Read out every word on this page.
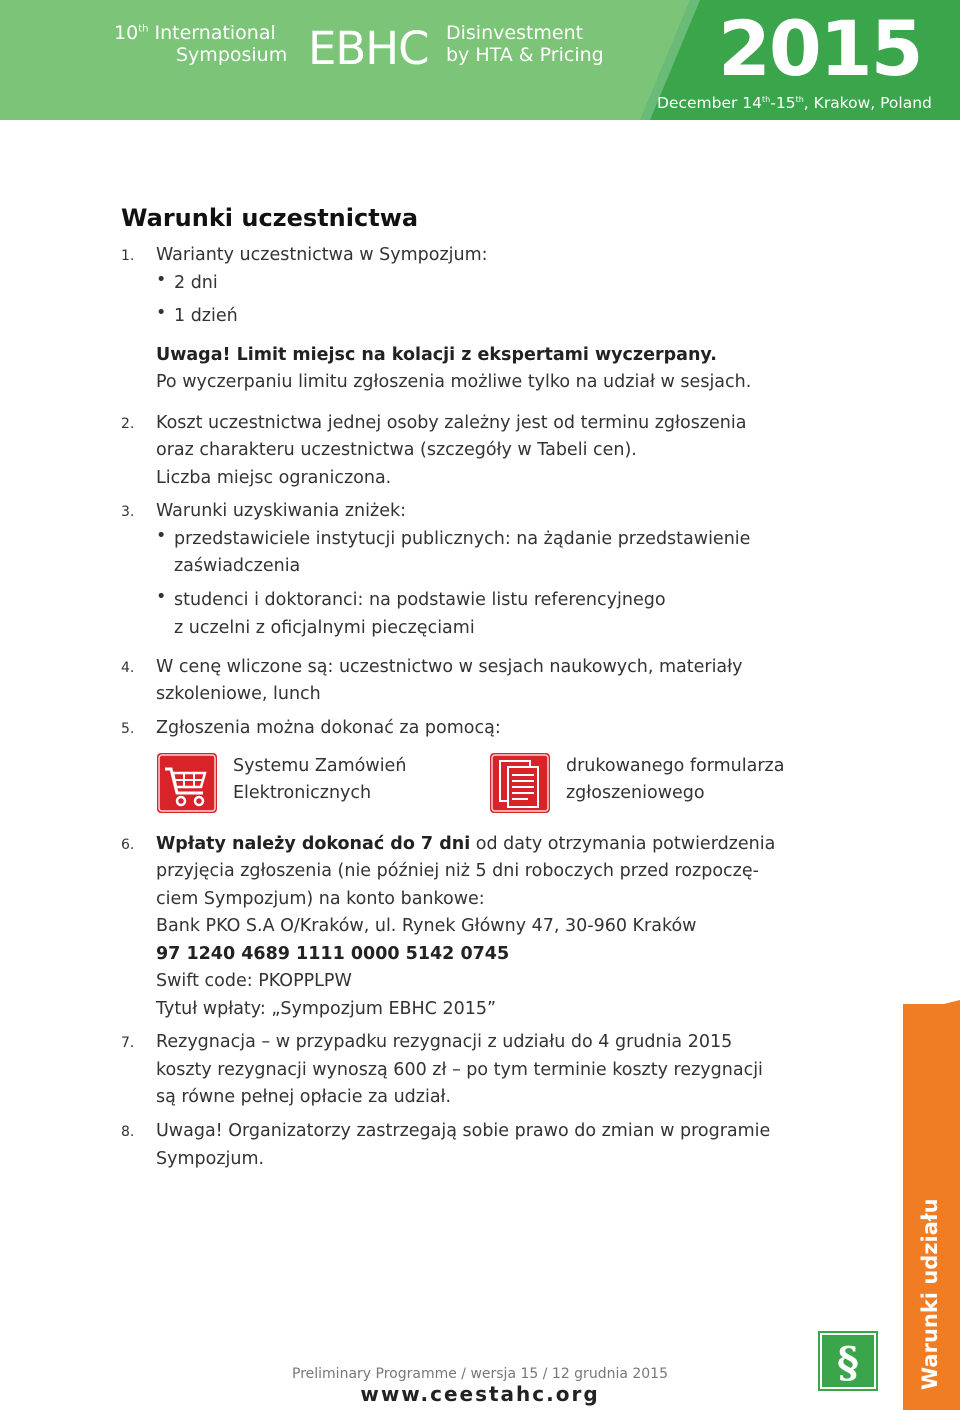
10th International
Symposium EBHC Disinvestment
by HTA & Pricing 2015
December 14th-15th, Krakow, Poland
Warunki uczestnictwa
1. Warianty uczestnictwa w Sympozjum:
• 2 dni
• 1 dzień
Uwaga! Limit miejsc na kolacji z ekspertami wyczerpany.
Po wyczerpaniu limitu zgłoszenia możliwe tylko na udział w sesjach.
2. Koszt uczestnictwa jednej osoby zależny jest od terminu zgłoszenia
oraz charakteru uczestnictwa (szczegóły w Tabeli cen).
Liczba miejsc ograniczona.
3. Warunki uzyskiwania zniżek:
• przedstawiciele instytucji publicznych: na żądanie przedstawienie
zaświadczenia
• studenci i doktoranci: na podstawie listu referencyjnego
z uczelni z oficjalnymi pieczęciami
4. W cenę wliczone są: uczestnictwo w sesjach naukowych, materiały
szkoleniowe, lunch
5. Zgłoszenia można dokonać za pomocą:
Systemu Zamówień
Elektronicznych
drukowanego formularza
zgłoszeniowego
6. Wpłaty należy dokonać do 7 dni od daty otrzymania potwierdzenia
przyjęcia zgłoszenia (nie później niż 5 dni roboczych przed rozpoczę-
ciem Sympozjum) na konto bankowe:
Bank PKO S.A O/Kraków, ul. Rynek Główny 47, 30-960 Kraków
97 1240 4689 1111 0000 5142 0745
Swift code: PKOPPLPW
Tytuł wpłaty: „Sympozjum EBHC 2015”
7. Rezygnacja – w przypadku rezygnacji z udziału do 4 grudnia 2015
koszty rezygnacji wynoszą 600 zł – po tym terminie koszty rezygnacji
są równe pełnej opłacie za udział.
8. Uwaga! Organizatorzy zastrzegają sobie prawo do zmian w programie
Sympozjum.
Warunki udziału
§
Preliminary Programme / wersja 15 / 12 grudnia 2015
www.ceestahc.org
